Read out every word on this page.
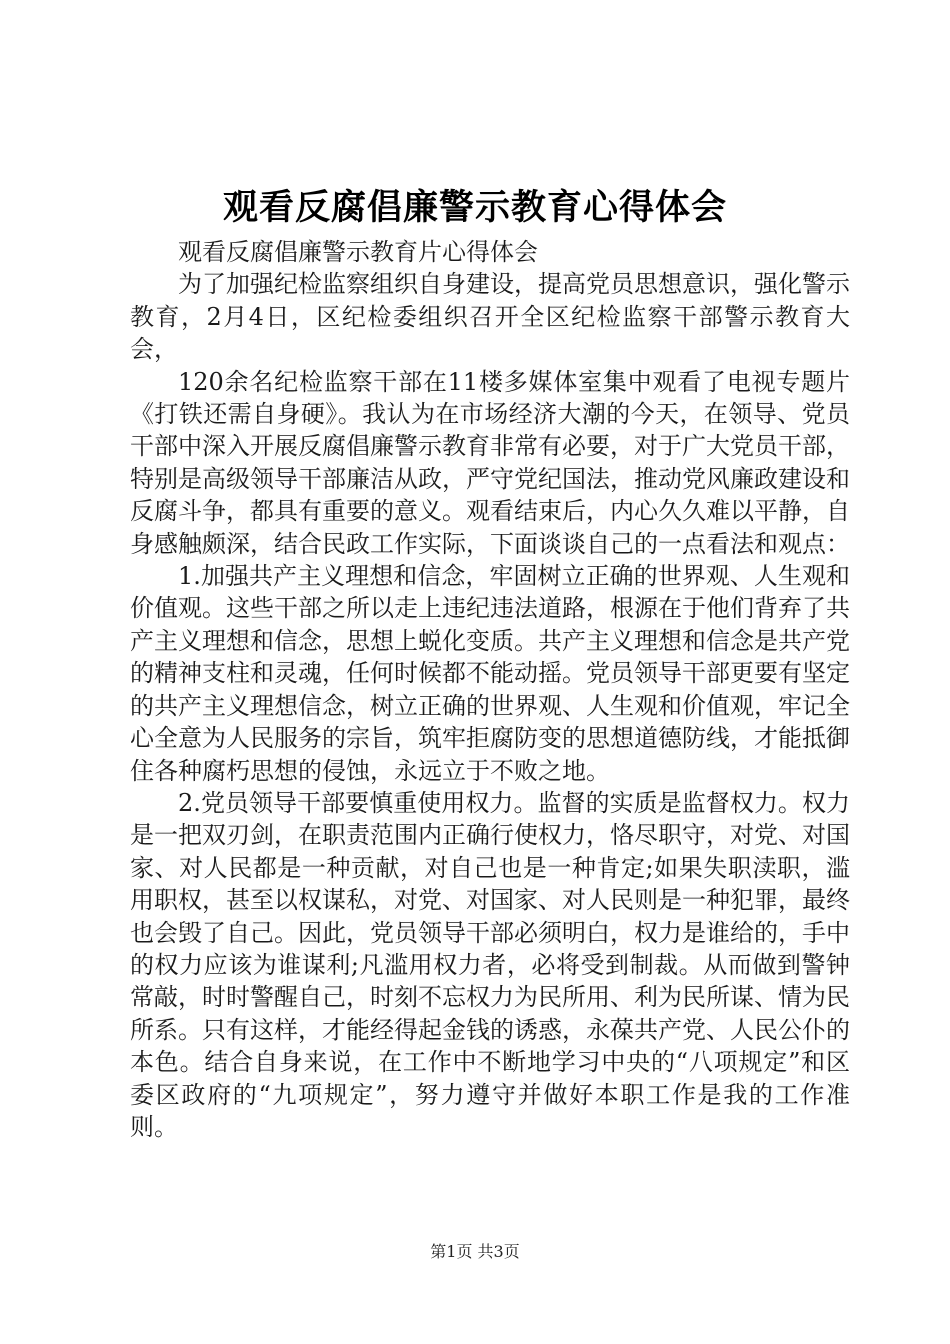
观看反腐倡廉警示教育心得体会

观看反腐倡廉警示教育片心得体会

为了加强纪检监察组织自身建设，提高党员思想意识，强化警示教育，2月4日，区纪检委组织召开全区纪检监察干部警示教育大会，

120余名纪检监察干部在11楼多媒体室集中观看了电视专题片《打铁还需自身硬》。我认为在市场经济大潮的今天，在领导、党员干部中深入开展反腐倡廉警示教育非常有必要，对于广大党员干部，特别是高级领导干部廉洁从政，严守党纪国法，推动党风廉政建设和反腐斗争，都具有重要的意义。观看结束后，内心久久难以平静，自身感触颇深，结合民政工作实际，下面谈谈自己的一点看法和观点：

1.加强共产主义理想和信念，牢固树立正确的世界观、人生观和价值观。这些干部之所以走上违纪违法道路，根源在于他们背弃了共产主义理想和信念，思想上蜕化变质。共产主义理想和信念是共产党的精神支柱和灵魂，任何时候都不能动摇。党员领导干部更要有坚定的共产主义理想信念，树立正确的世界观、人生观和价值观，牢记全心全意为人民服务的宗旨，筑牢拒腐防变的思想道德防线，才能抵御住各种腐朽思想的侵蚀，永远立于不败之地。

2.党员领导干部要慎重使用权力。监督的实质是监督权力。权力是一把双刃剑，在职责范围内正确行使权力，恪尽职守，对党、对国家、对人民都是一种贡献，对自己也是一种肯定;如果失职渎职，滥用职权，甚至以权谋私，对党、对国家、对人民则是一种犯罪，最终也会毁了自己。因此，党员领导干部必须明白，权力是谁给的，手中的权力应该为谁谋利;凡滥用权力者，必将受到制裁。从而做到警钟常敲，时时警醒自己，时刻不忘权力为民所用、利为民所谋、情为民所系。只有这样，才能经得起金钱的诱惑，永葆共产党、人民公仆的本色。结合自身来说，在工作中不断地学习中央的“八项规定”和区委区政府的“九项规定”，努力遵守并做好本职工作是我的工作准则。

第1页 共3页
